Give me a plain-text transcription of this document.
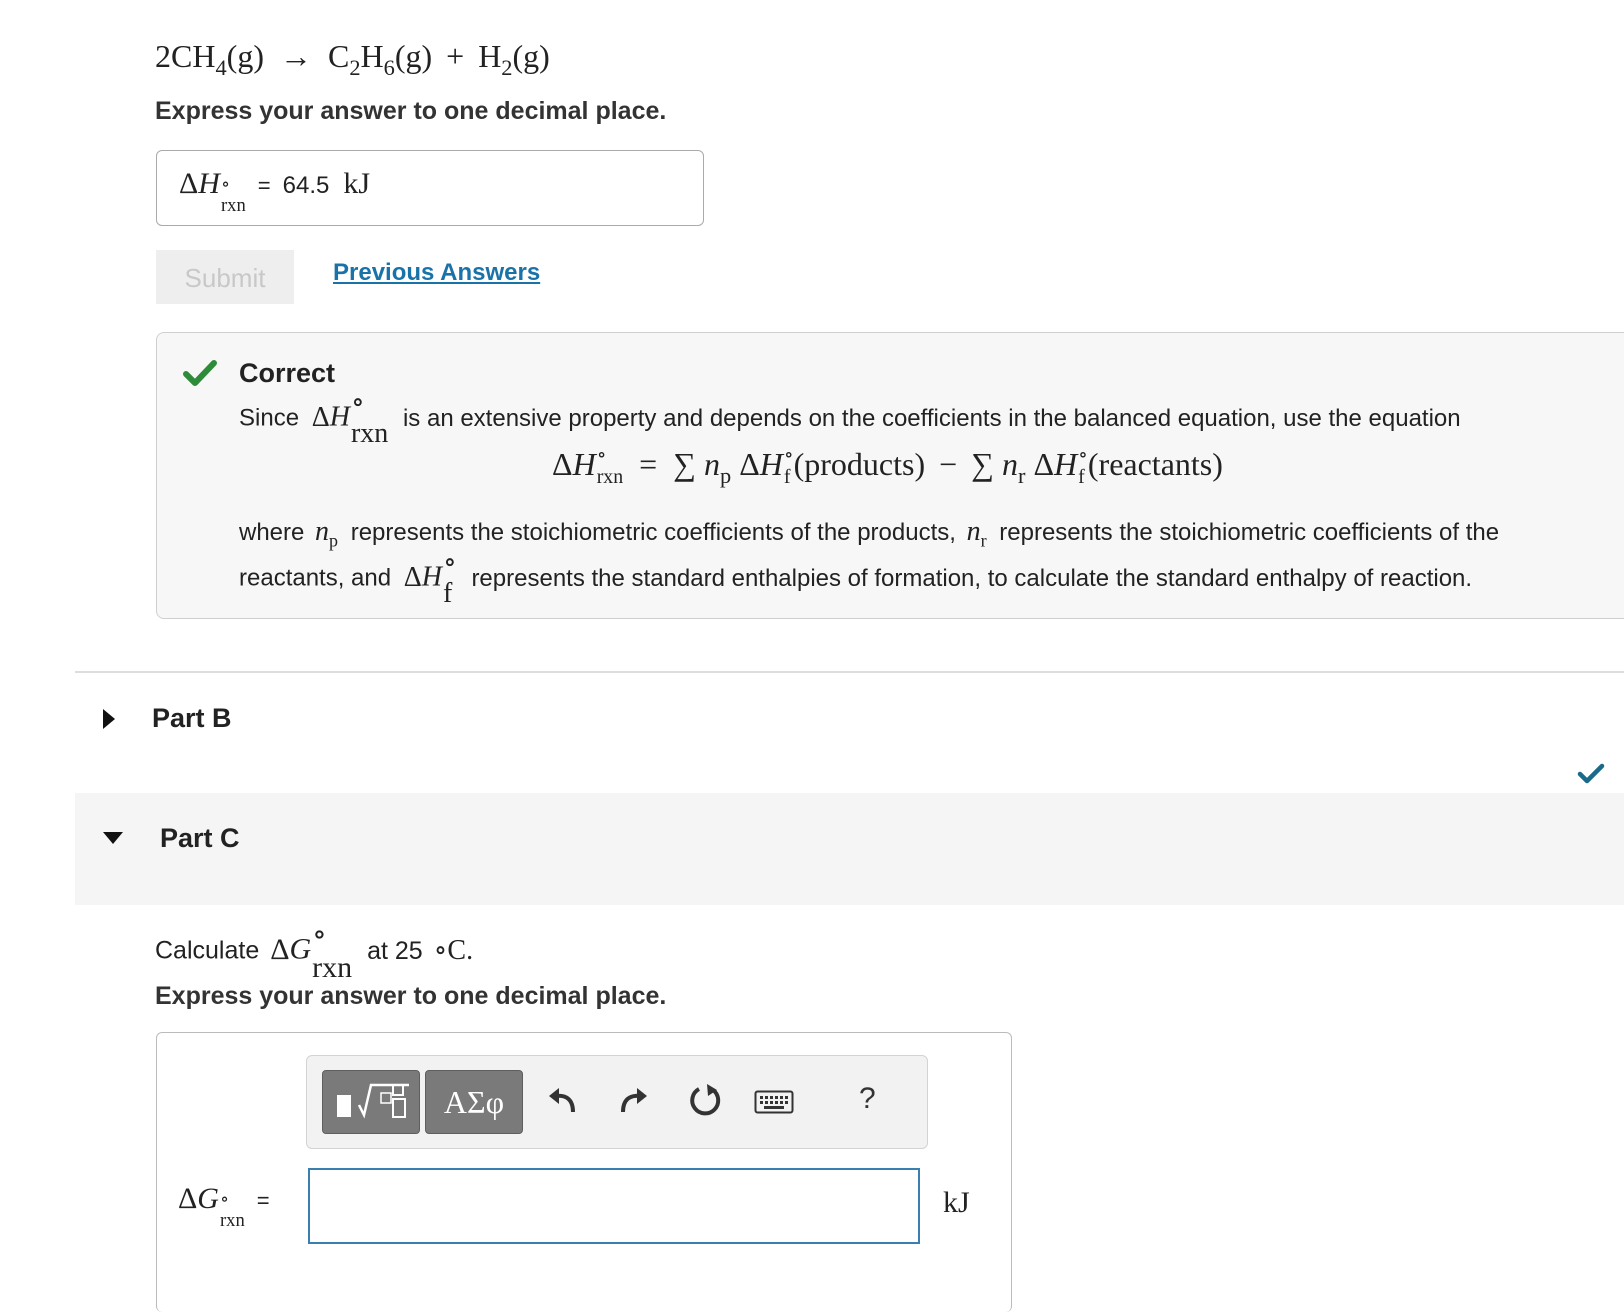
$2CH_4(g) \to C_2H_6(g) + H_2(g)$
Express your answer to one decimal place.
Δ H ∘
rxn
= 64.5 kJ
Submit	Previous Answers
Correct
Since ΔH ∘
rxn is an extensive property and depends on the coefficients in the balanced equation, use the equation
ΔH ∘
rxn = ∑ $n_p$ ΔH ∘
f (products) − ∑ $n_r$ ΔH ∘
f (reactants)
where $n_p$ represents the stoichiometric coefficients of the products, $n_r$ represents the stoichiometric coefficients of the
reactants, and ΔH ∘
f represents the standard enthalpies of formation, to calculate the standard enthalpy of reaction.
Part B
Part C
Calculate ΔG ∘
rxn at 25 ∘C.
Express your answer to one decimal place.
ΑΣφ	?
Δ G ∘
rxn
=	kJ
